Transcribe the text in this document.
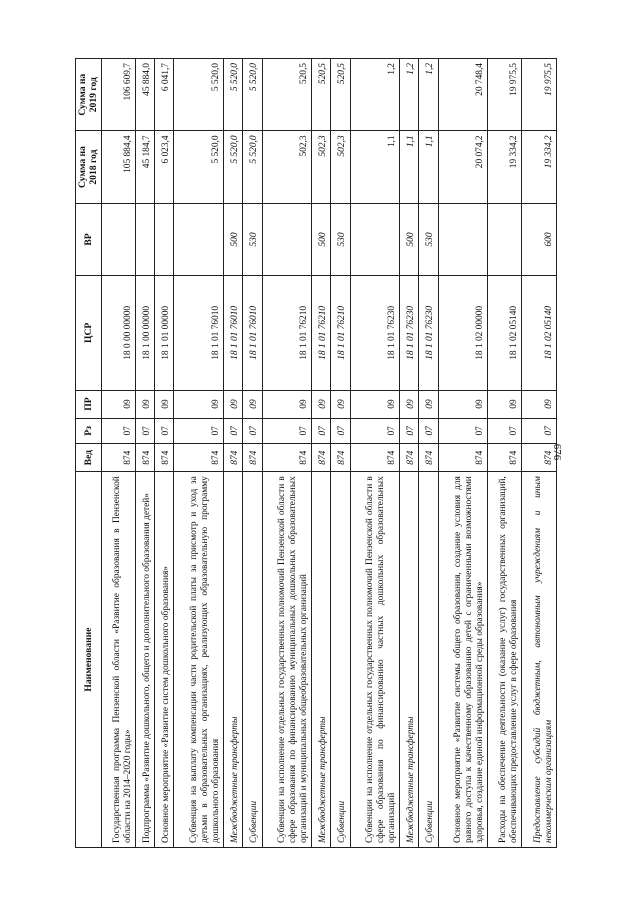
676
Наименование	Вед	Рз	ПР	ЦСР	ВР	Сумма на 2018 год	Сумма на 2019 год
Государственная программа Пензенской области «Развитие образования в Пензенской области на 2014–2020 годы»	874	07	09	18 0 00 00000		105 884,4	106 609,7
Подпрограмма «Развитие дошкольного, общего и дополнительного образования детей»	874	07	09	18 1 00 00000		45 184,7	45 884,0
Основное мероприятие «Развитие систем дошкольного образования»	874	07	09	18 1 01 00000		6 023,4	6 041,7
Субвенция на выплату компенсации части родительской платы за присмотр и уход за детьми в образовательных организациях, реализующих образовательную программу дошкольного образования	874	07	09	18 1 01 76010		5 520,0	5 520,0
Межбюджетные трансферты	874	07	09	18 1 01 76010	500	5 520,0	5 520,0
Субвенции	874	07	09	18 1 01 76010	530	5 520,0	5 520,0
Субвенции на исполнение отдельных государственных полномочий Пензенской области в сфере образования по финансированию муниципальных дошкольных образовательных организаций и муниципальных общеобразовательных организаций	874	07	09	18 1 01 76210		502,3	520,5
Межбюджетные трансферты	874	07	09	18 1 01 76210	500	502,3	520,5
Субвенции	874	07	09	18 1 01 76210	530	502,3	520,5
Субвенции на исполнение отдельных государственных полномочий Пензенской области в сфере образования по финансированию частных дошкольных образовательных организаций	874	07	09	18 1 01 76230		1,1	1,2
Межбюджетные трансферты	874	07	09	18 1 01 76230	500	1,1	1,2
Субвенции	874	07	09	18 1 01 76230	530	1,1	1,2
Основное мероприятие «Развитие системы общего образования, создание условия для равного доступа к качественному образованию детей с ограниченными возможностями здоровья, создание единой информационной среды образования»	874	07	09	18 1 02 00000		20 074,2	20 748,4
Расходы на обеспечение деятельности (оказание услуг) государственных организаций, обеспечивающих предоставление услуг в сфере образования	874	07	09	18 1 02 05140		19 334,2	19 975,5
Предоставление субсидий бюджетным, автономным учреждениям и иным некоммерческим организациям	874	07	09	18 1 02 05140	600	19 334,2	19 975,5
